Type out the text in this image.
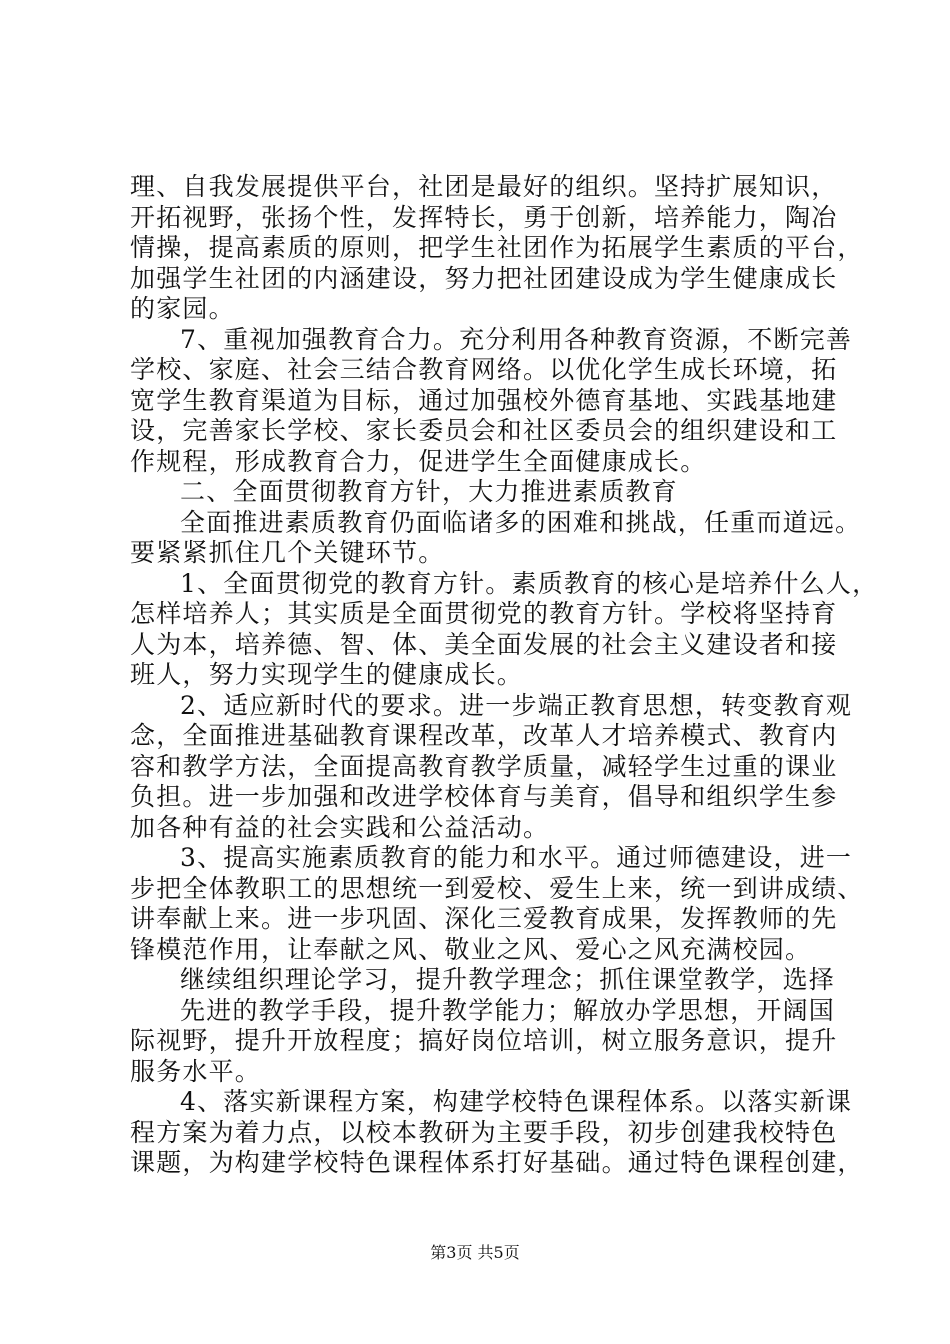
理、自我发展提供平台，社团是最好的组织。坚持扩展知识，
开拓视野，张扬个性，发挥特长，勇于创新，培养能力，陶冶
情操，提高素质的原则，把学生社团作为拓展学生素质的平台，
加强学生社团的内涵建设，努力把社团建设成为学生健康成长
的家园。
7、重视加强教育合力。充分利用各种教育资源，不断完善
学校、家庭、社会三结合教育网络。以优化学生成长环境，拓
宽学生教育渠道为目标，通过加强校外德育基地、实践基地建
设，完善家长学校、家长委员会和社区委员会的组织建设和工
作规程，形成教育合力，促进学生全面健康成长。
二、全面贯彻教育方针，大力推进素质教育
全面推进素质教育仍面临诸多的困难和挑战，任重而道远。
要紧紧抓住几个关键环节。
1、全面贯彻党的教育方针。素质教育的核心是培养什么人，
怎样培养人；其实质是全面贯彻党的教育方针。学校将坚持育
人为本，培养德、智、体、美全面发展的社会主义建设者和接
班人，努力实现学生的健康成长。
2、适应新时代的要求。进一步端正教育思想，转变教育观
念，全面推进基础教育课程改革，改革人才培养模式、教育内
容和教学方法，全面提高教育教学质量，减轻学生过重的课业
负担。进一步加强和改进学校体育与美育，倡导和组织学生参
加各种有益的社会实践和公益活动。
3、提高实施素质教育的能力和水平。通过师德建设，进一
步把全体教职工的思想统一到爱校、爱生上来，统一到讲成绩、
讲奉献上来。进一步巩固、深化三爱教育成果，发挥教师的先
锋模范作用，让奉献之风、敬业之风、爱心之风充满校园。
继续组织理论学习，提升教学理念；抓住课堂教学，选择
先进的教学手段，提升教学能力；解放办学思想，开阔国
际视野，提升开放程度；搞好岗位培训，树立服务意识，提升
服务水平。
4、落实新课程方案，构建学校特色课程体系。以落实新课
程方案为着力点，以校本教研为主要手段，初步创建我校特色
课题，为构建学校特色课程体系打好基础。通过特色课程创建，
第3页 共5页
